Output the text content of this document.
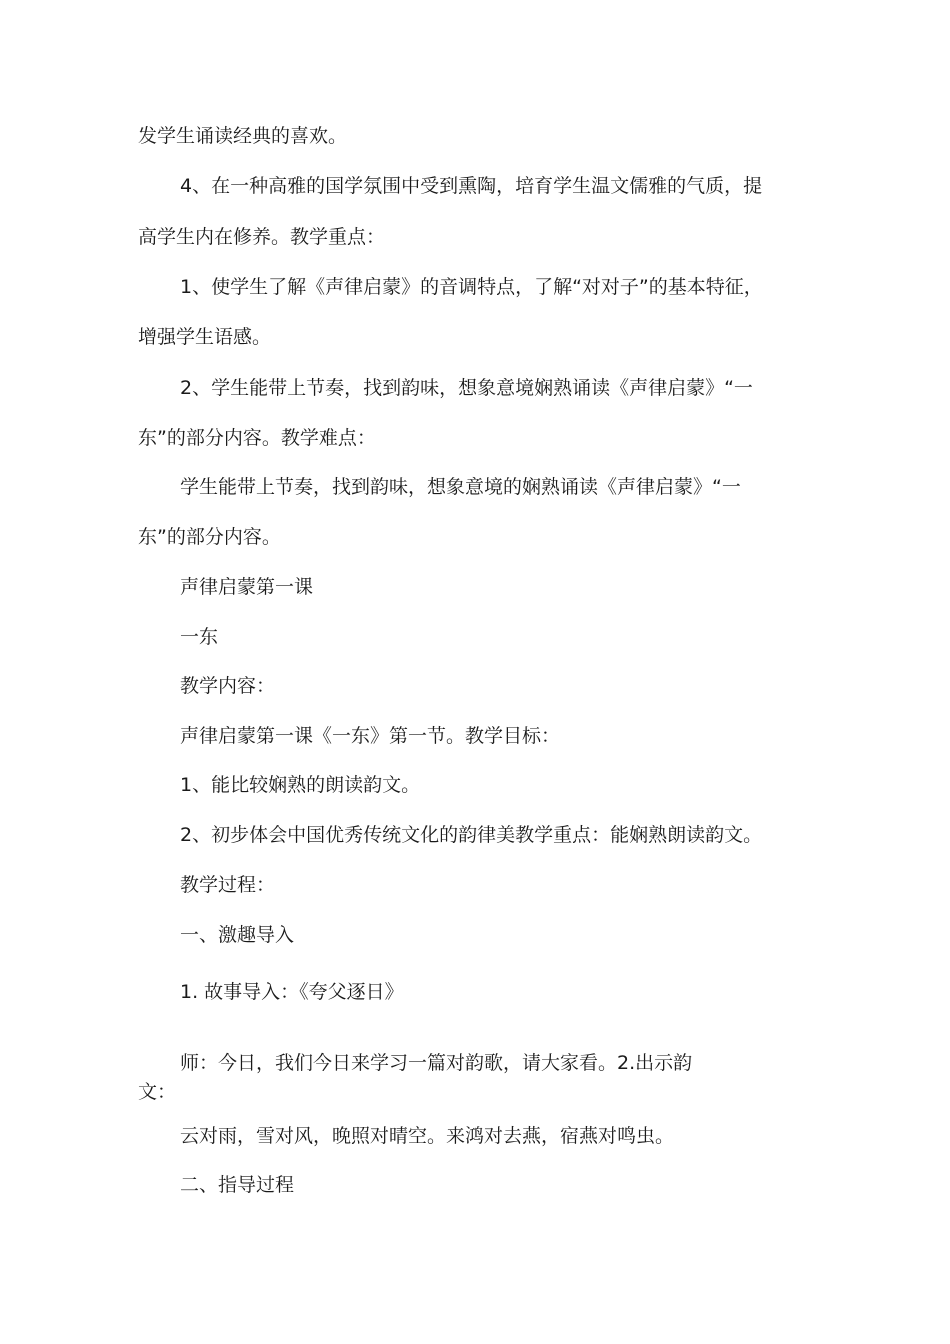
发学生诵读经典的喜欢。

4、在一种高雅的国学氛围中受到熏陶，培育学生温文儒雅的气质，提

高学生内在修养。教学重点：

1、使学生了解《声律启蒙》的音调特点，了解“对对子”的基本特征，

增强学生语感。

2、学生能带上节奏，找到韵味，想象意境娴熟诵读《声律启蒙》“一

东”的部分内容。教学难点：

学生能带上节奏，找到韵味，想象意境的娴熟诵读《声律启蒙》“一

东”的部分内容。

声律启蒙第一课

一东

教学内容：

声律启蒙第一课《一东》第一节。教学目标：

1、能比较娴熟的朗读韵文。

2、初步体会中国优秀传统文化的韵律美教学重点：能娴熟朗读韵文。

教学过程：

一、激趣导入

1. 故事导入：《夸父逐日》

师：今日，我们今日来学习一篇对韵歌，请大家看。2.出示韵

文：

云对雨，雪对风，晚照对晴空。来鸿对去燕，宿燕对鸣虫。

二、指导过程
